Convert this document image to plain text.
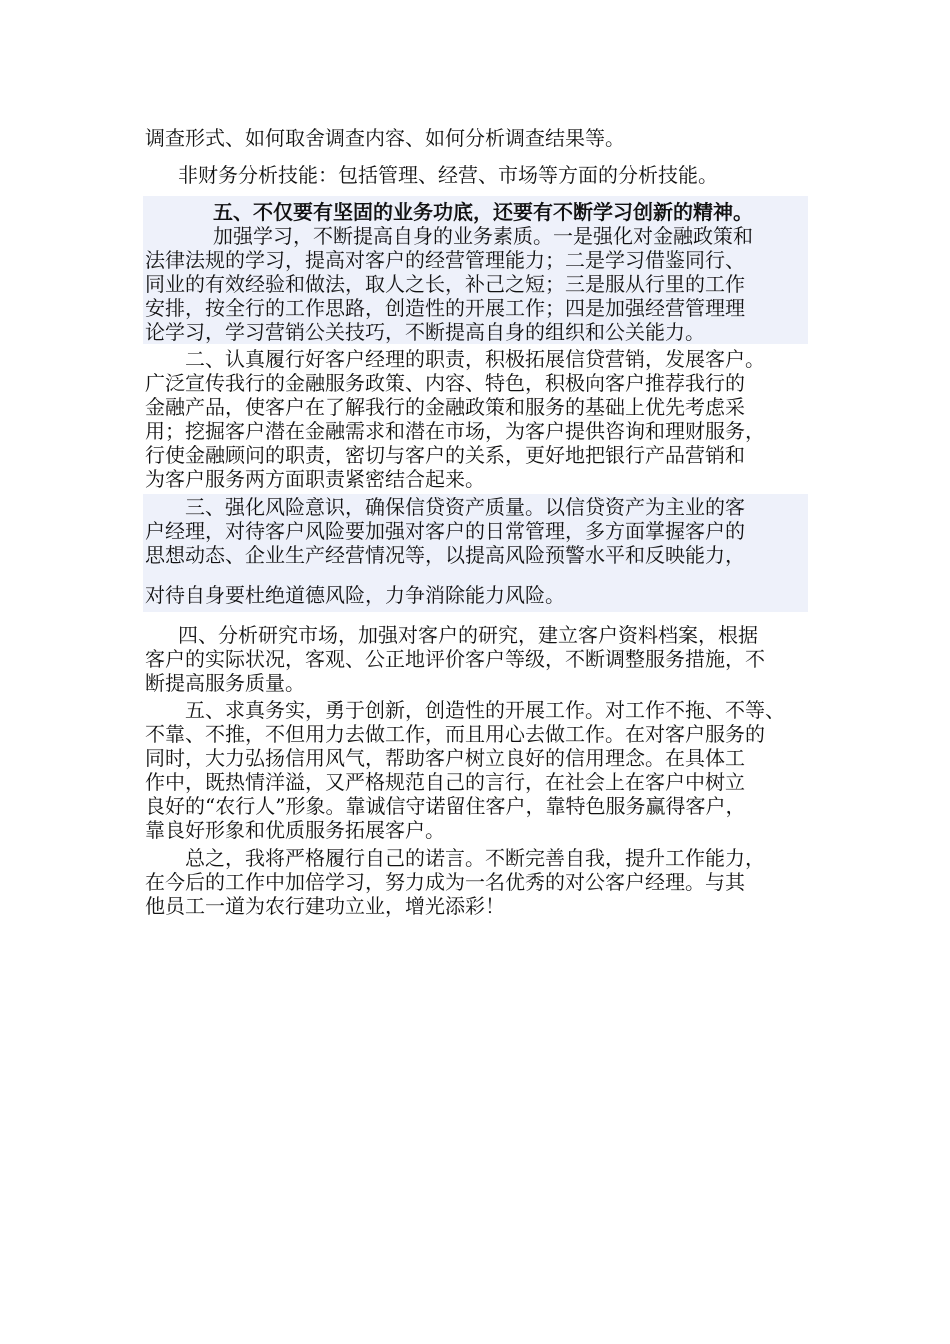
调查形式、如何取舍调查内容、如何分析调查结果等。

非财务分析技能：包括管理、经营、市场等方面的分析技能。

五、不仅要有坚固的业务功底，还要有不断学习创新的精神。

加强学习，不断提高自身的业务素质。一是强化对金融政策和

法律法规的学习，提高对客户的经营管理能力；二是学习借鉴同行、

同业的有效经验和做法，取人之长，补己之短；三是服从行里的工作

安排，按全行的工作思路，创造性的开展工作；四是加强经营管理理

论学习，学习营销公关技巧，不断提高自身的组织和公关能力。

二、认真履行好客户经理的职责，积极拓展信贷营销，发展客户。

广泛宣传我行的金融服务政策、内容、特色，积极向客户推荐我行的

金融产品，使客户在了解我行的金融政策和服务的基础上优先考虑采

用；挖掘客户潜在金融需求和潜在市场，为客户提供咨询和理财服务，

行使金融顾问的职责，密切与客户的关系，更好地把银行产品营销和

为客户服务两方面职责紧密结合起来。

三、强化风险意识，确保信贷资产质量。以信贷资产为主业的客

户经理，对待客户风险要加强对客户的日常管理，多方面掌握客户的

思想动态、企业生产经营情况等，以提高风险预警水平和反映能力，

对待自身要杜绝道德风险，力争消除能力风险。

四、分析研究市场，加强对客户的研究，建立客户资料档案，根据

客户的实际状况，客观、公正地评价客户等级，不断调整服务措施，不

断提高服务质量。

五、求真务实，勇于创新，创造性的开展工作。对工作不拖、不等、

不靠、不推，不但用力去做工作，而且用心去做工作。在对客户服务的

同时，大力弘扬信用风气，帮助客户树立良好的信用理念。在具体工

作中，既热情洋溢，又严格规范自己的言行，在社会上在客户中树立

良好的“农行人”形象。靠诚信守诺留住客户，靠特色服务赢得客户，

靠良好形象和优质服务拓展客户。

总之，我将严格履行自己的诺言。不断完善自我，提升工作能力，

在今后的工作中加倍学习，努力成为一名优秀的对公客户经理。与其

他员工一道为农行建功立业，增光添彩！
